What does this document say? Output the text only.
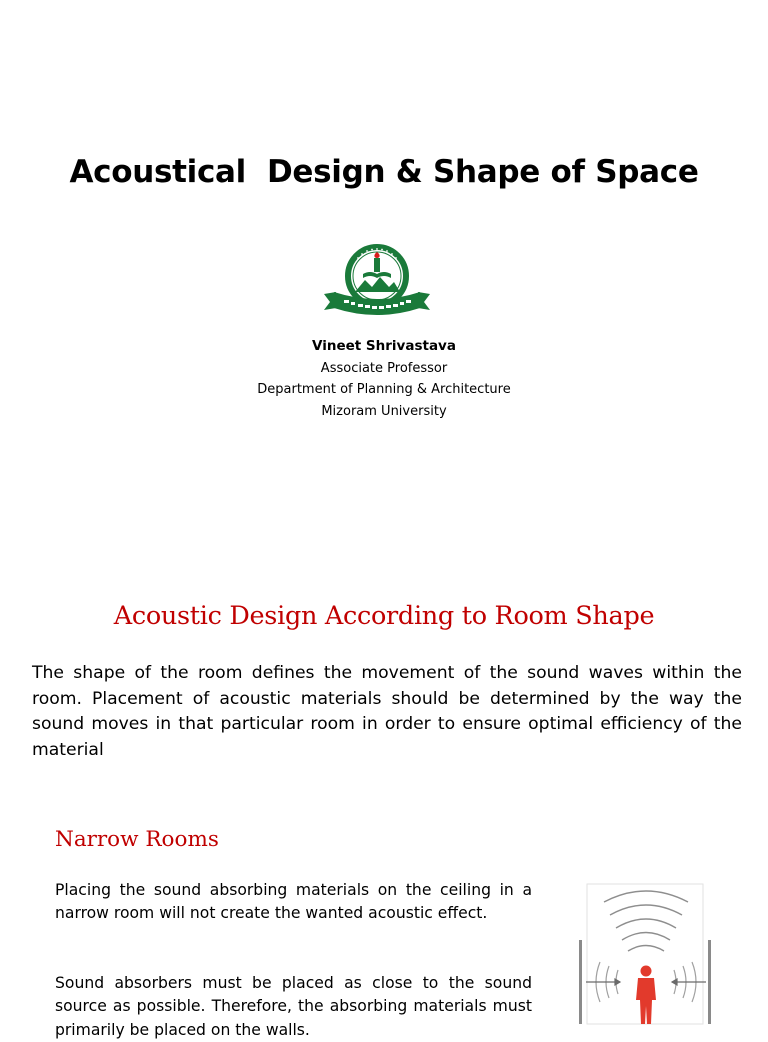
Acoustical  Design & Shape of Space
Vineet Shrivastava
Associate Professor
Department of Planning & Architecture
Mizoram University
Acoustic Design According to Room Shape
The shape of the room defines the movement of the sound waves within the room. Placement of acoustic materials should be determined by the way the sound moves in that particular room in order to ensure optimal efficiency of the material
Narrow Rooms
Placing the sound absorbing materials on the ceiling in a narrow room will not create the wanted acoustic effect.
Sound absorbers must be placed as close to the sound source as possible. Therefore, the absorbing materials must primarily be placed on the walls.
